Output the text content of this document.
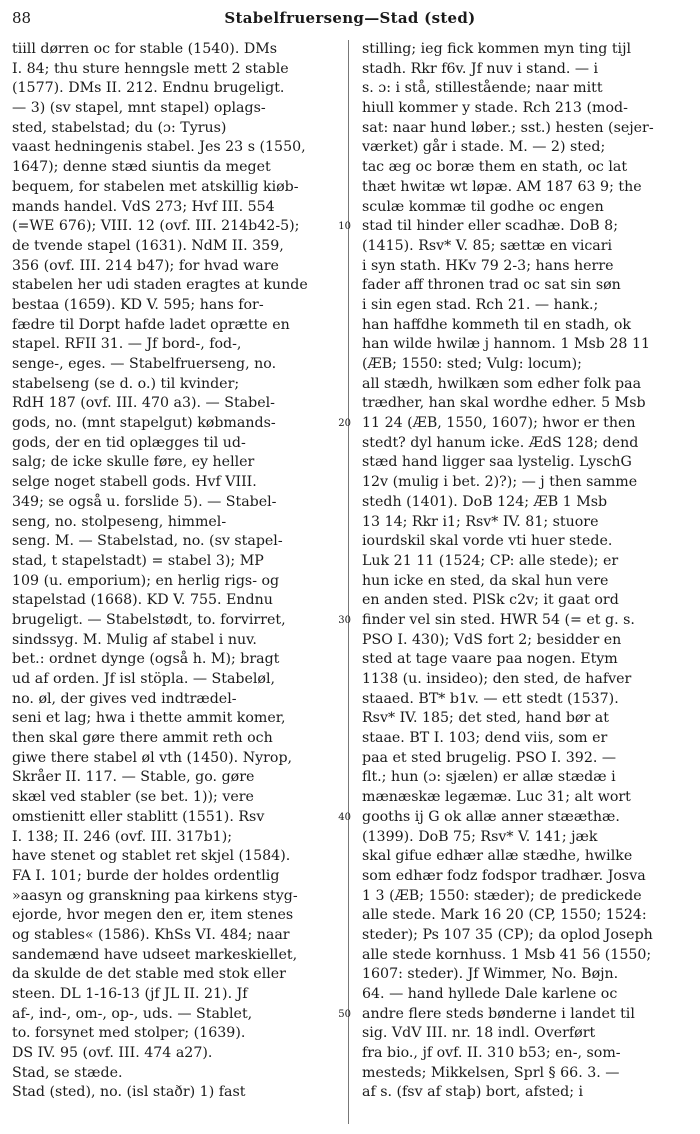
88	Stabelfruerseng—Stad (sted)
tiill dørren oc for stable (1540). DMs
I. 84; thu sture henngsle mett 2 stable
(1577). DMs II. 212. Endnu brugeligt.
— 3) (sv stapel, mnt stapel) oplags-
sted, stabelstad; du (ɔ: Tyrus)
vaast hedningenis stabel. Jes 23 s (1550,
1647); denne stæd siuntis da meget
bequem, for stabelen met atskillig kiøb-
mands handel. VdS 273; Hvf III. 554
(=WE 676); VIII. 12 (ovf. III. 214b42-5);
de tvende stapel (1631). NdM II. 359,
356 (ovf. III. 214 b47); for hvad ware
stabelen her udi staden eragtes at kunde
bestaa (1659). KD V. 595; hans for-
fædre til Dorpt hafde ladet oprætte en
stapel. RFII 31. — Jf bord-, fod-,
senge-, eges. — Stabelfruerseng, no.
stabelseng (se d. o.) til kvinder;
RdH 187 (ovf. III. 470 a3). — Stabel-
gods, no. (mnt stapelgut) købmands-
gods, der en tid oplægges til ud-
salg; de icke skulle føre, ey heller
selge noget stabell gods. Hvf VIII.
349; se også u. forslide 5). — Stabel-
seng, no. stolpeseng, himmel-
seng. M. — Stabelstad, no. (sv stapel-
stad, t stapelstadt) = stabel 3); MP
109 (u. emporium); en herlig rigs- og
stapelstad (1668). KD V. 755. Endnu
brugeligt. — Stabelstødt, to. forvirret,
sindssyg. M. Mulig af stabel i nuv.
bet.: ordnet dynge (også h. M); bragt
ud af orden. Jf isl stöpla. — Stabeløl,
no. øl, der gives ved indtrædel-
seni et lag; hwa i thette ammit komer,
then skal gøre there ammit reth och
giwe there stabel øl vth (1450). Nyrop,
Skråer II. 117. — Stable, go. gøre
skæl ved stabler (se bet. 1)); vere
omstienitt eller stablitt (1551). Rsv
I. 138; II. 246 (ovf. III. 317b1);
have stenet og stablet ret skjel (1584).
FA I. 101; burde der holdes ordentlig
»aasyn og granskning paa kirkens styg-
ejorde, hvor megen den er, item stenes
og stables« (1586). KhSs VI. 484; naar
sandemænd have udseet markeskiellet,
da skulde de det stable med stok eller
steen. DL 1-16-13 (jf JL II. 21). Jf
af-, ind-, om-, op-, uds. — Stablet,
to. forsynet med stolper; (1639).
DS IV. 95 (ovf. III. 474 a27).
Stad, se stæde.
Stad (sted), no. (isl staðr) 1) fast
10
20
30
40
50
stilling; ieg fick kommen myn ting tijl
stadh. Rkr f6v. Jf nuv i stand. — i
s. ɔ: i stå, stillestående; naar mitt
hiull kommer y stade. Rch 213 (mod-
sat: naar hund løber.; sst.) hesten (sejer-
værket) går i stade. M. — 2) sted;
tac æg oc boræ them en stath, oc lat
thæt hwitæ wt løpæ. AM 187 63 9; the
sculæ kommæ til godhe oc engen
stad til hinder eller scadhæ. DoB 8;
(1415). Rsv* V. 85; sættæ en vicari
i syn stath. HKv 79 2-3; hans herre
fader aff thronen trad oc sat sin søn
i sin egen stad. Rch 21. — hank.;
han haffdhe kommeth til en stadh, ok
han wilde hwilæ j hannom. 1 Msb 28 11
(ÆB; 1550: sted; Vulg: locum);
all stædh, hwilkæn som edher folk paa
trædher, han skal wordhe edher. 5 Msb
11 24 (ÆB, 1550, 1607); hwor er then
stedt? dyl hanum icke. ÆdS 128; dend
stæd hand ligger saa lystelig. LyschG
12v (mulig i bet. 2)?); — j then samme
stedh (1401). DoB 124; ÆB 1 Msb
13 14; Rkr i1; Rsv* IV. 81; stuore
iourdskil skal vorde vti huer stede.
Luk 21 11 (1524; CP: alle stede); er
hun icke en sted, da skal hun vere
en anden sted. PlSk c2v; it gaat ord
finder vel sin sted. HWR 54 (= et g. s.
PSO I. 430); VdS fort 2; besidder en
sted at tage vaare paa nogen. Etym
1138 (u. insideo); den sted, de hafver
staaed. BT* b1v. — ett stedt (1537).
Rsv* IV. 185; det sted, hand bør at
staae. BT I. 103; dend viis, som er
paa et sted brugelig. PSO I. 392. —
flt.; hun (ɔ: sjælen) er allæ stædæ i
mænæskæ legæmæ. Luc 31; alt wort
gooths ij G ok allæ anner stææthæ.
(1399). DoB 75; Rsv* V. 141; jæk
skal gifue edhær allæ stædhe, hwilke
som edhær fodz fodspor tradhær. Josva
1 3 (ÆB; 1550: stæder); de predickede
alle stede. Mark 16 20 (CP, 1550; 1524:
steder); Ps 107 35 (CP); da oplod Joseph
alle stede kornhuss. 1 Msb 41 56 (1550;
1607: steder). Jf Wimmer, No. Bøjn.
64. — hand hyllede Dale karlene oc
andre flere steds bønderne i landet til
sig. VdV III. nr. 18 indl. Overført
fra bio., jf ovf. II. 310 b53; en-, som-
mesteds; Mikkelsen, Sprl § 66. 3. —
af s. (fsv af staþ) bort, afsted; i
